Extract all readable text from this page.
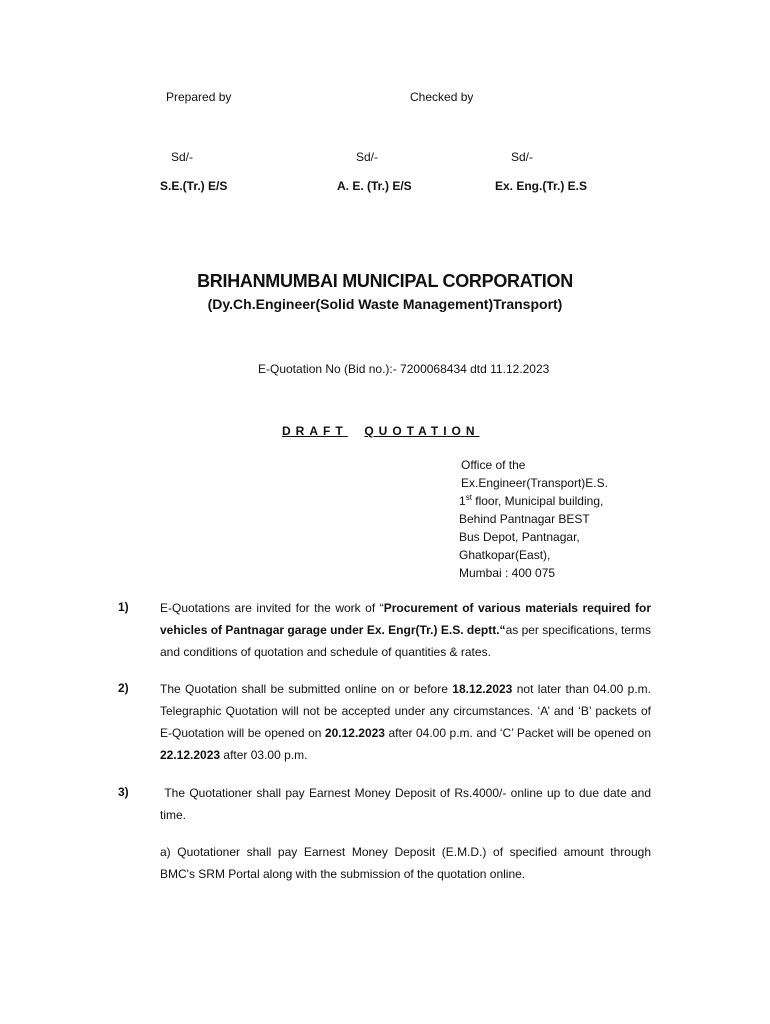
Prepared by	Checked by
Sd/-	Sd/-	Sd/-
S.E.(Tr.) E/S	A. E. (Tr.) E/S	Ex. Eng.(Tr.) E.S
BRIHANMUMBAI MUNICIPAL CORPORATION
(Dy.Ch.Engineer(Solid Waste Management)Transport)
E-Quotation No (Bid no.):- 7200068434 dtd 11.12.2023
DRAFT QUOTATION
Office of the
Ex.Engineer(Transport)E.S.
1st floor, Municipal building,
Behind Pantnagar BEST
Bus Depot, Pantnagar,
Ghatkopar(East),
Mumbai : 400 075
1)	E-Quotations are invited for the work of “Procurement of various materials required for vehicles of Pantnagar garage under Ex. Engr(Tr.) E.S. deptt.“as per specifications, terms and conditions of quotation and schedule of quantities & rates.
2)	The Quotation shall be submitted online on or before 18.12.2023 not later than 04.00 p.m. Telegraphic Quotation will not be accepted under any circumstances. ‘A’ and ‘B’ packets of E-Quotation will be opened on 20.12.2023 after 04.00 p.m. and ‘C’ Packet will be opened on 22.12.2023 after 03.00 p.m.
3)	The Quotationer shall pay Earnest Money Deposit of Rs.4000/- online up to due date and time.
a) Quotationer shall pay Earnest Money Deposit (E.M.D.) of specified amount through BMC's SRM Portal along with the submission of the quotation online.
